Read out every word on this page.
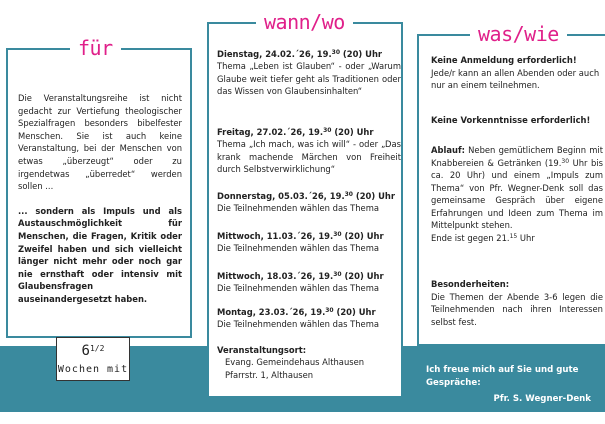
Die Veranstaltungsreihe ist nicht gedacht zur Vertiefung theologischer Spezialfragen besonders bibelfester Menschen. Sie ist auch keine Veranstaltung, bei der Menschen von etwas „überzeugt“ oder zu irgendetwas „überredet“ werden sollen ...

... sondern als Impuls und als Austauschmöglichkeit für Menschen, die Fragen, Kritik oder Zweifel haben und sich vielleicht länger nicht mehr oder noch gar nie ernsthaft oder intensiv mit Glaubensfragen auseinandergesetzt haben.

für	Dienstag, 24.02.´26, 19.30 (20) Uhr
Thema „Leben ist Glauben“ - oder „Warum Glaube weit tiefer geht als Traditionen oder das Wissen von Glaubensinhalten“
Freitag, 27.02.´26, 19.30 (20) Uhr
Thema „Ich mach, was ich will“ - oder „Das krank machende Märchen von Freiheit durch Selbstverwirklichung“
Donnerstag, 05.03.´26, 19.30 (20) Uhr
Die Teilnehmenden wählen das Thema
Mittwoch, 11.03.´26, 19.30 (20) Uhr
Die Teilnehmenden wählen das Thema
Mittwoch, 18.03.´26, 19.30 (20) Uhr
Die Teilnehmenden wählen das Thema
Montag, 23.03.´26, 19.30 (20) Uhr
Die Teilnehmenden wählen das Thema
Veranstaltungsort:
Evang. Gemeindehaus Althausen
Pfarrstr. 1, Althausen
wann/wo
Keine Anmeldung erforderlich!
Jede/r kann an allen Abenden oder auch nur an einem teilnehmen.
Keine Vorkenntnisse erforderlich!
Ablauf: Neben gemütlichem Beginn mit Knabbereien & Getränken (19.30 Uhr bis ca. 20 Uhr) und einem „Impuls zum Thema“ von Pfr. Wegner-Denk soll das gemeinsame Gespräch über eigene Erfahrungen und Ideen zum Thema im Mittelpunkt stehen.
Ende ist gegen 21.15 Uhr
Besonderheiten:
Die Themen der Abende 3-6 legen die Teilnehmenden nach ihren Interessen selbst fest.
was/wie
$6^{1/2}$
Wochen mit	Ich freue mich auf Sie und gute Gespräche:
Pfr. S. Wegner-Denk
